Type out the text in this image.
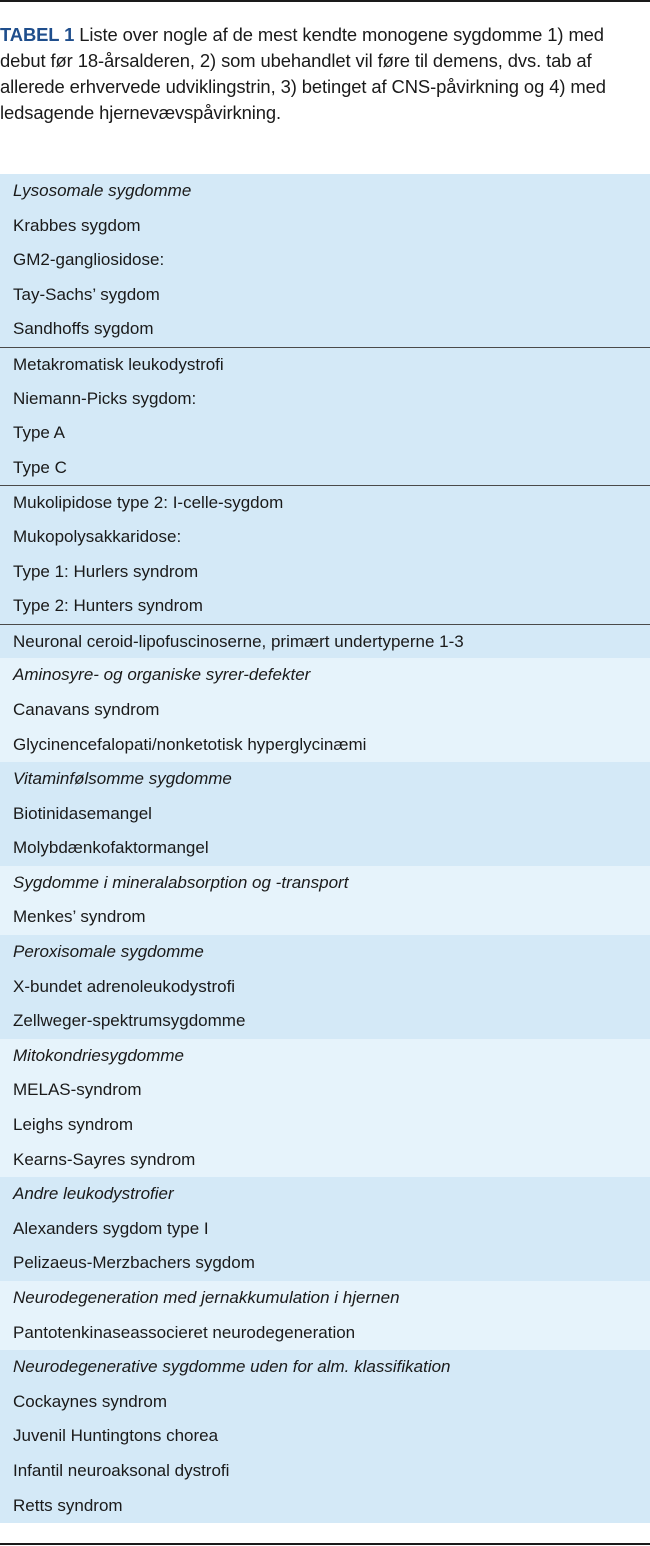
TABEL 1 Liste over nogle af de mest kendte monogene sygdomme 1) med debut før 18-årsalderen, 2) som ubehandlet vil føre til demens, dvs. tab af allerede erhvervede udviklingstrin, 3) betinget af CNS-påvirkning og 4) med ledsagende hjernevævspåvirkning.

Lysosomale sygdomme
Krabbes sygdom
GM2-gangliosidose:
Tay-Sachs’ sygdom
Sandhoffs sygdom
Metakromatisk leukodystrofi
Niemann-Picks sygdom:
Type A
Type C
Mukolipidose type 2: I-celle-sygdom
Mukopolysakkaridose:
Type 1: Hurlers syndrom
Type 2: Hunters syndrom
Neuronal ceroid-lipofuscinoserne, primært undertyperne 1-3
Aminosyre- og organiske syrer-defekter
Canavans syndrom
Glycinencefalopati/nonketotisk hyperglycinæmi
Vitaminfølsomme sygdomme
Biotinidasemangel
Molybdænkofaktormangel
Sygdomme i mineralabsorption og -transport
Menkes’ syndrom
Peroxisomale sygdomme
X-bundet adrenoleukodystrofi
Zellweger-spektrumsygdomme
Mitokondriesygdomme
MELAS-syndrom
Leighs syndrom
Kearns-Sayres syndrom
Andre leukodystrofier
Alexanders sygdom type I
Pelizaeus-Merzbachers sygdom
Neurodegeneration med jernakkumulation i hjernen
Pantotenkinaseassocieret neurodegeneration
Neurodegenerative sygdomme uden for alm. klassifikation
Cockaynes syndrom
Juvenil Huntingtons chorea
Infantil neuroaksonal dystrofi
Retts syndrom
